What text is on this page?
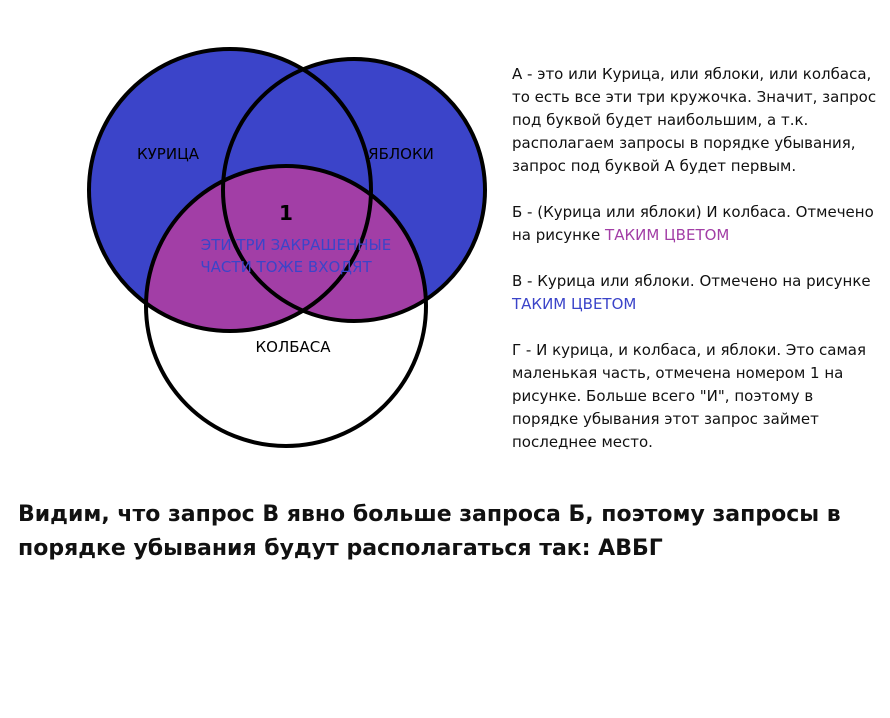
КУРИЦА	ЯБЛОКИ
1
ЭТИ ТРИ ЗАКРАШЕННЫЕ
ЧАСТИ ТОЖЕ ВХОДЯТ
КОЛБАСА

А - это или Курица, или яблоки, или колбаса, то есть все эти три кружочка. Значит, запрос под буквой будет наибольшим, а т.к. располагаем запросы в порядке убывания, запрос под буквой А будет первым.

Б - (Курица или яблоки) И колбаса. Отмечено на рисунке ТАКИМ ЦВЕТОМ

В - Курица или яблоки. Отмечено на рисунке ТАКИМ ЦВЕТОМ

Г - И курица, и колбаса, и яблоки. Это самая маленькая часть, отмечена номером 1 на рисунке. Больше всего "И", поэтому в порядке убывания этот запрос займет последнее место.

Видим, что запрос В явно больше запроса Б, поэтому запросы в порядке убывания будут располагаться так: АВБГ
